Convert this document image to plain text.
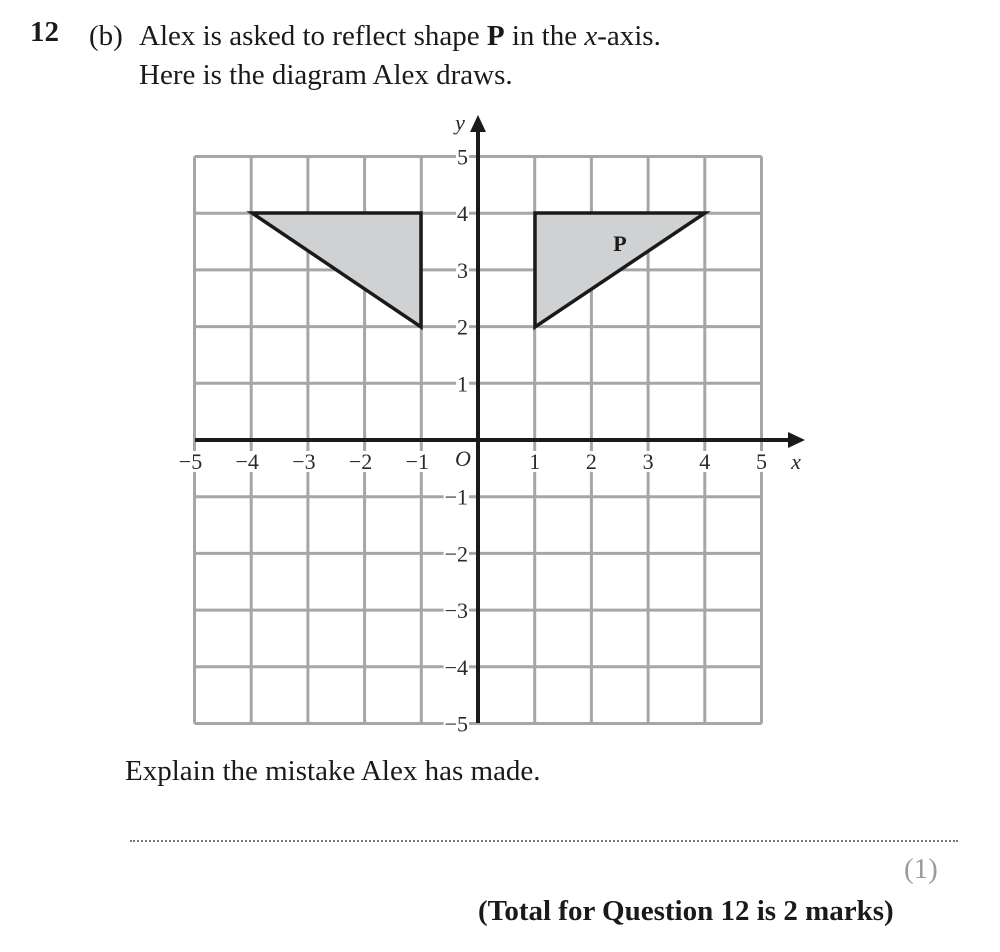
12 (b) Alex is asked to reflect shape P in the x-axis.
Here is the diagram Alex draws.
−5 −4 −3 −2 −1	1 2 3 4 5
5
4
3
2
1
−1
−2
−3
−4
−5
O	x
y
P
Explain the mistake Alex has made.
(1)
(Total for Question 12 is 2 marks)
